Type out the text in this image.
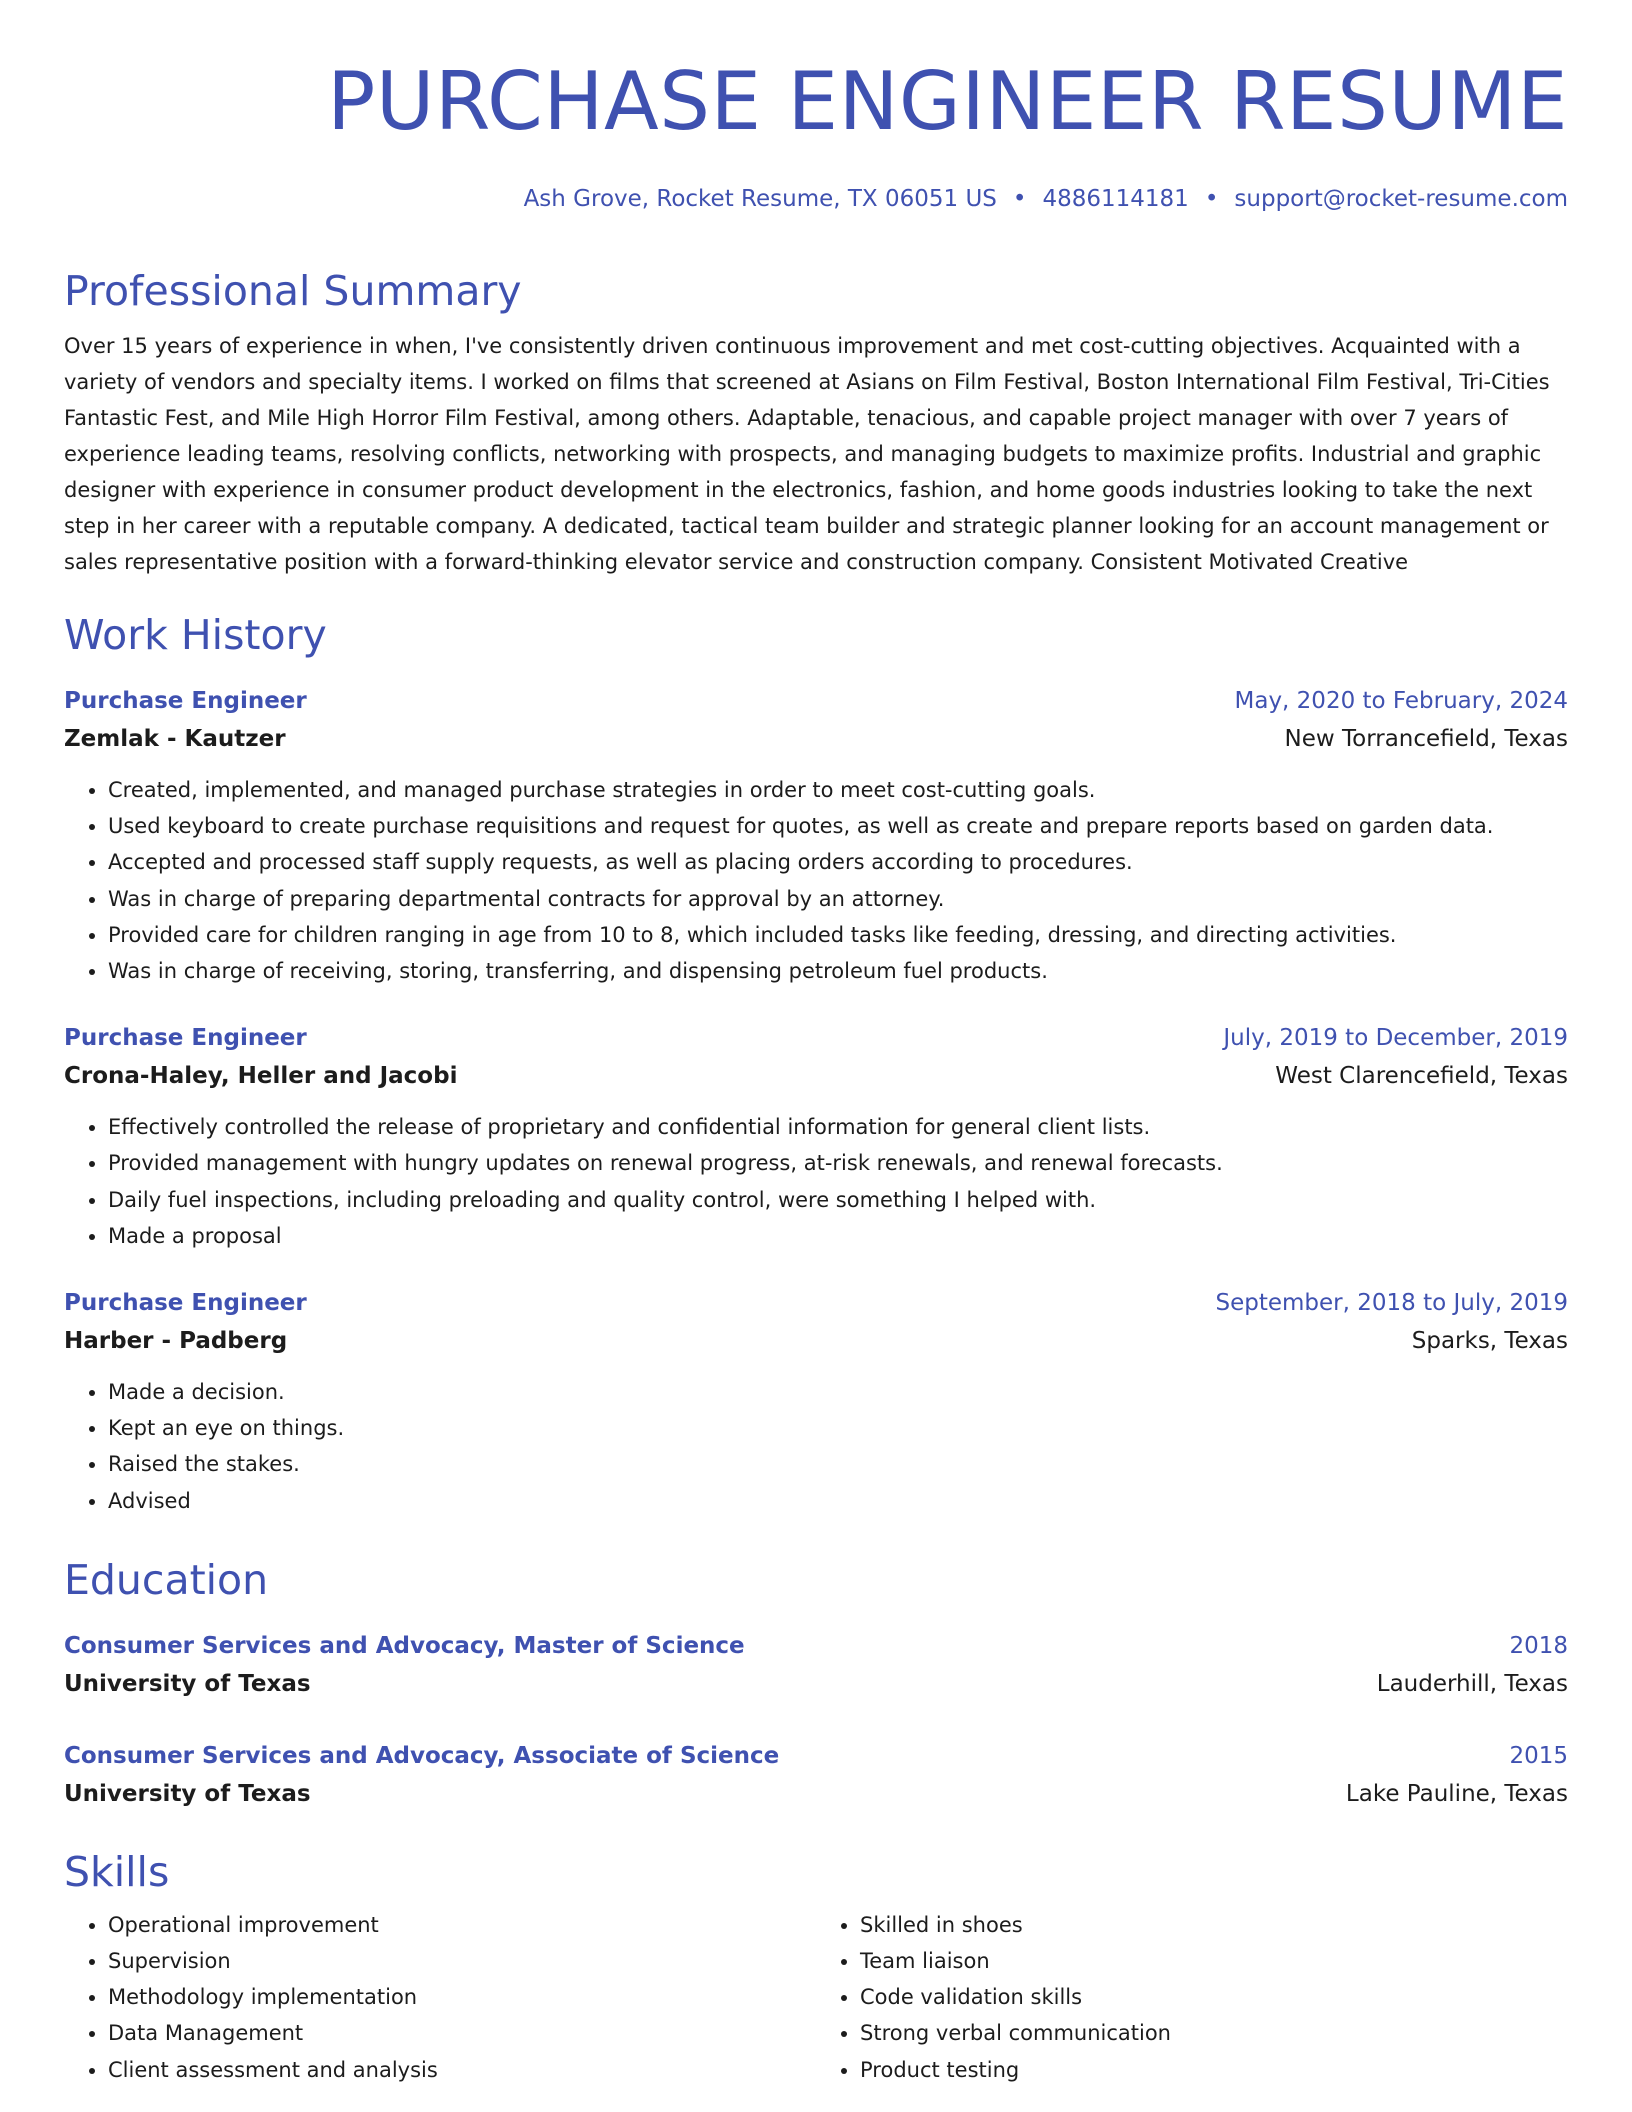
PURCHASE ENGINEER RESUME
Ash Grove, Rocket Resume, TX 06051 US • 4886114181 • support@rocket-resume.com
Professional Summary

Over 15 years of experience in when, I've consistently driven continuous improvement and met cost-cutting objectives. Acquainted with a variety of vendors and specialty items. I worked on films that screened at Asians on Film Festival, Boston International Film Festival, Tri-Cities Fantastic Fest, and Mile High Horror Film Festival, among others. Adaptable, tenacious, and capable project manager with over 7 years of experience leading teams, resolving conflicts, networking with prospects, and managing budgets to maximize profits. Industrial and graphic designer with experience in consumer product development in the electronics, fashion, and home goods industries looking to take the next step in her career with a reputable company. A dedicated, tactical team builder and strategic planner looking for an account management or sales representative position with a forward-thinking elevator service and construction company. Consistent Motivated Creative

Work History
Purchase Engineer	May, 2020 to February, 2024
Zemlak - Kautzer	New Torrancefield, Texas
• Created, implemented, and managed purchase strategies in order to meet cost-cutting goals.
• Used keyboard to create purchase requisitions and request for quotes, as well as create and prepare reports based on garden data.
• Accepted and processed staff supply requests, as well as placing orders according to procedures.
• Was in charge of preparing departmental contracts for approval by an attorney.
• Provided care for children ranging in age from 10 to 8, which included tasks like feeding, dressing, and directing activities.
• Was in charge of receiving, storing, transferring, and dispensing petroleum fuel products.
Purchase Engineer	July, 2019 to December, 2019
Crona-Haley, Heller and Jacobi	West Clarencefield, Texas
• Effectively controlled the release of proprietary and confidential information for general client lists.
• Provided management with hungry updates on renewal progress, at-risk renewals, and renewal forecasts.
• Daily fuel inspections, including preloading and quality control, were something I helped with.
• Made a proposal
Purchase Engineer	September, 2018 to July, 2019
Harber - Padberg	Sparks, Texas
• Made a decision.
• Kept an eye on things.
• Raised the stakes.
• Advised
Education
Consumer Services and Advocacy, Master of Science	2018
University of Texas	Lauderhill, Texas
Consumer Services and Advocacy, Associate of Science	2015
University of Texas	Lake Pauline, Texas
Skills
• Operational improvement
• Supervision
• Methodology implementation
• Data Management
• Client assessment and analysis
• Skilled in shoes
• Team liaison
• Code validation skills
• Strong verbal communication
• Product testing
